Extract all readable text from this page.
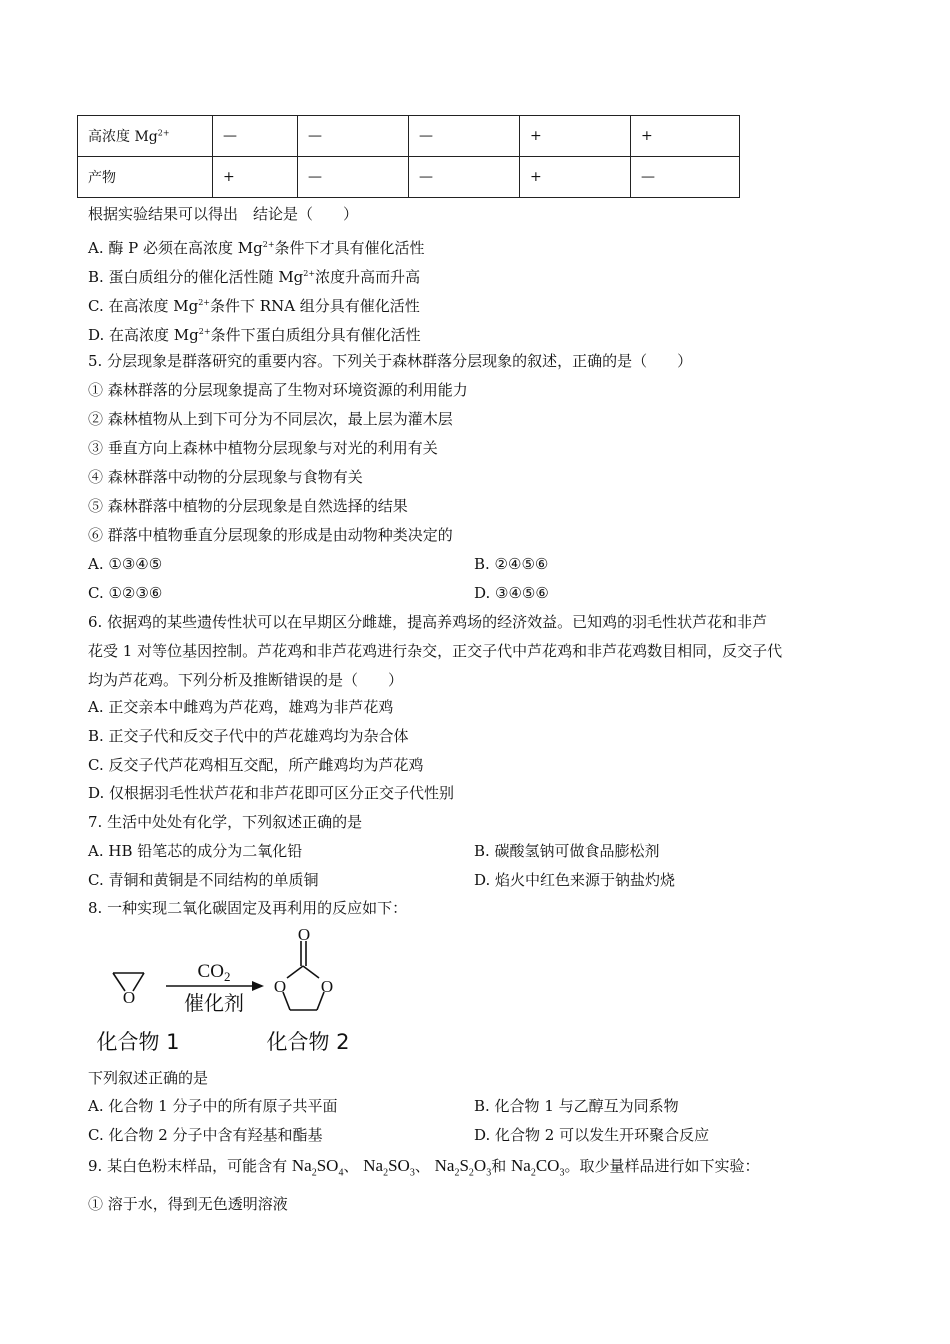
高浓度 $Mg^{2+}$	—	—	—	+	+
产物	+	—	—	+	—
根据实验结果可以得出　结论是（　　）
A. 酶 P 必须在高浓度 $Mg^{2+}$条件下才具有催化活性
B. 蛋白质组分的催化活性随 $Mg^{2+}$浓度升高而升高
C. 在高浓度 $Mg^{2+}$条件下 RNA 组分具有催化活性
D. 在高浓度 $Mg^{2+}$条件下蛋白质组分具有催化活性
5. 分层现象是群落研究的重要内容。下列关于森林群落分层现象的叙述，正确的是（　　）
① 森林群落的分层现象提高了生物对环境资源的利用能力
② 森林植物从上到下可分为不同层次，最上层为灌木层
③ 垂直方向上森林中植物分层现象与对光的利用有关
④ 森林群落中动物的分层现象与食物有关
⑤ 森林群落中植物的分层现象是自然选择的结果
⑥ 群落中植物垂直分层现象的形成是由动物种类决定的
A. ①③④⑤	B. ②④⑤⑥
C. ①②③⑥	D. ③④⑤⑥
6. 依据鸡的某些遗传性状可以在早期区分雌雄，提高养鸡场的经济效益。已知鸡的羽毛性状芦花和非芦
花受 1 对等位基因控制。芦花鸡和非芦花鸡进行杂交，正交子代中芦花鸡和非芦花鸡数目相同，反交子代
均为芦花鸡。下列分析及推断错误的是（　　）
A. 正交亲本中雌鸡为芦花鸡，雄鸡为非芦花鸡
B. 正交子代和反交子代中的芦花雄鸡均为杂合体
C. 反交子代芦花鸡相互交配，所产雌鸡均为芦花鸡
D. 仅根据羽毛性状芦花和非芦花即可区分正交子代性别
7. 生活中处处有化学，下列叙述正确的是
A. HB 铅笔芯的成分为二氧化铅	B. 碳酸氢钠可做食品膨松剂
C. 青铜和黄铜是不同结构的单质铜	D. 焰火中红色来源于钠盐灼烧
8. 一种实现二氧化碳固定及再利用的反应如下：
O
$CO_2$
催化剂
O
O O
化合物 1	化合物 2
下列叙述正确的是
A. 化合物 1 分子中的所有原子共平面	B. 化合物 1 与乙醇互为同系物
C. 化合物 2 分子中含有羟基和酯基	D. 化合物 2 可以发生开环聚合反应
9. 某白色粉末样品，可能含有 $Na_2SO_4$、 $Na_2SO_3$、 $Na_2S_2O_3$和 $Na_2CO_3$。取少量样品进行如下实验：
① 溶于水，得到无色透明溶液
